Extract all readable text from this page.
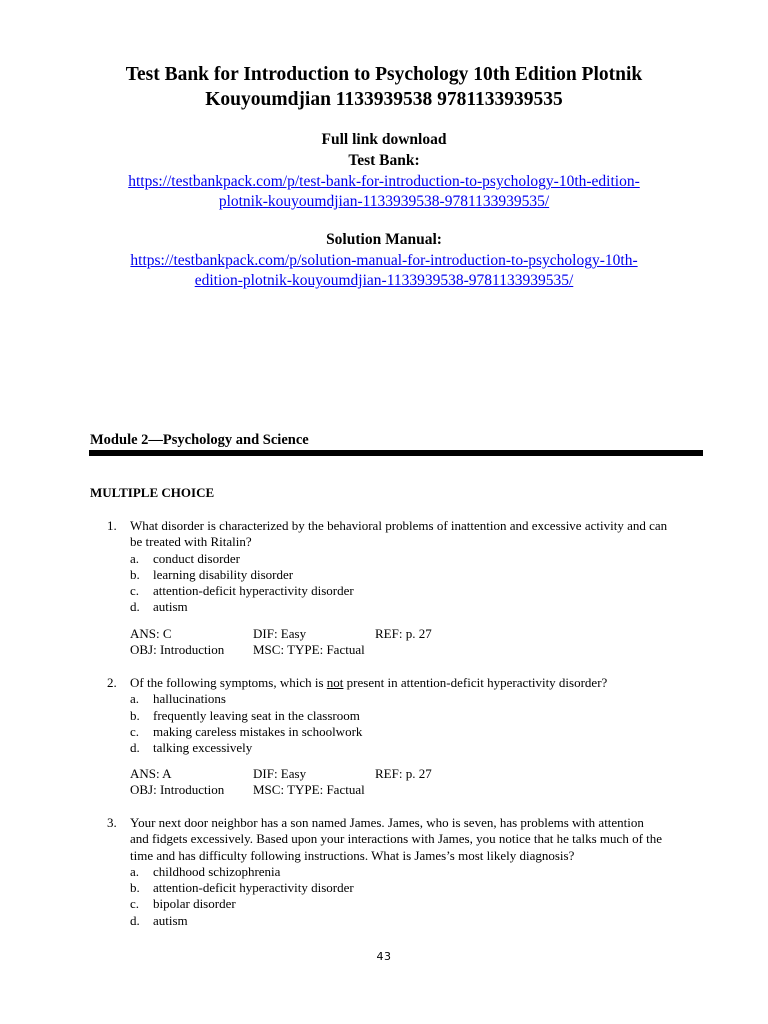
Test Bank for Introduction to Psychology 10th Edition Plotnik
Kouyoumdjian 1133939538 9781133939535
Full link download
Test Bank:
https://testbankpack.com/p/test-bank-for-introduction-to-psychology-10th-edition-
plotnik-kouyoumdjian-1133939538-9781133939535/
Solution Manual:
https://testbankpack.com/p/solution-manual-for-introduction-to-psychology-10th-
edition-plotnik-kouyoumdjian-1133939538-9781133939535/
Module 2—Psychology and Science
MULTIPLE CHOICE
1.	What disorder is characterized by the behavioral problems of inattention and excessive activity and can
be treated with Ritalin?
a. conduct disorder
b. learning disability disorder
c. attention-deficit hyperactivity disorder
d. autism
ANS: C	DIF: Easy	REF: p. 27
OBJ: Introduction MSC: TYPE: Factual
2.	Of the following symptoms, which is not present in attention-deficit hyperactivity disorder?
a. hallucinations
b. frequently leaving seat in the classroom
c. making careless mistakes in schoolwork
d. talking excessively
ANS: A	DIF: Easy	REF: p. 27
OBJ: Introduction MSC: TYPE: Factual
3.	Your next door neighbor has a son named James. James, who is seven, has problems with attention
and fidgets excessively. Based upon your interactions with James, you notice that he talks much of the
time and has difficulty following instructions. What is James’s most likely diagnosis?
a. childhood schizophrenia
b. attention-deficit hyperactivity disorder
c. bipolar disorder
d. autism
43
